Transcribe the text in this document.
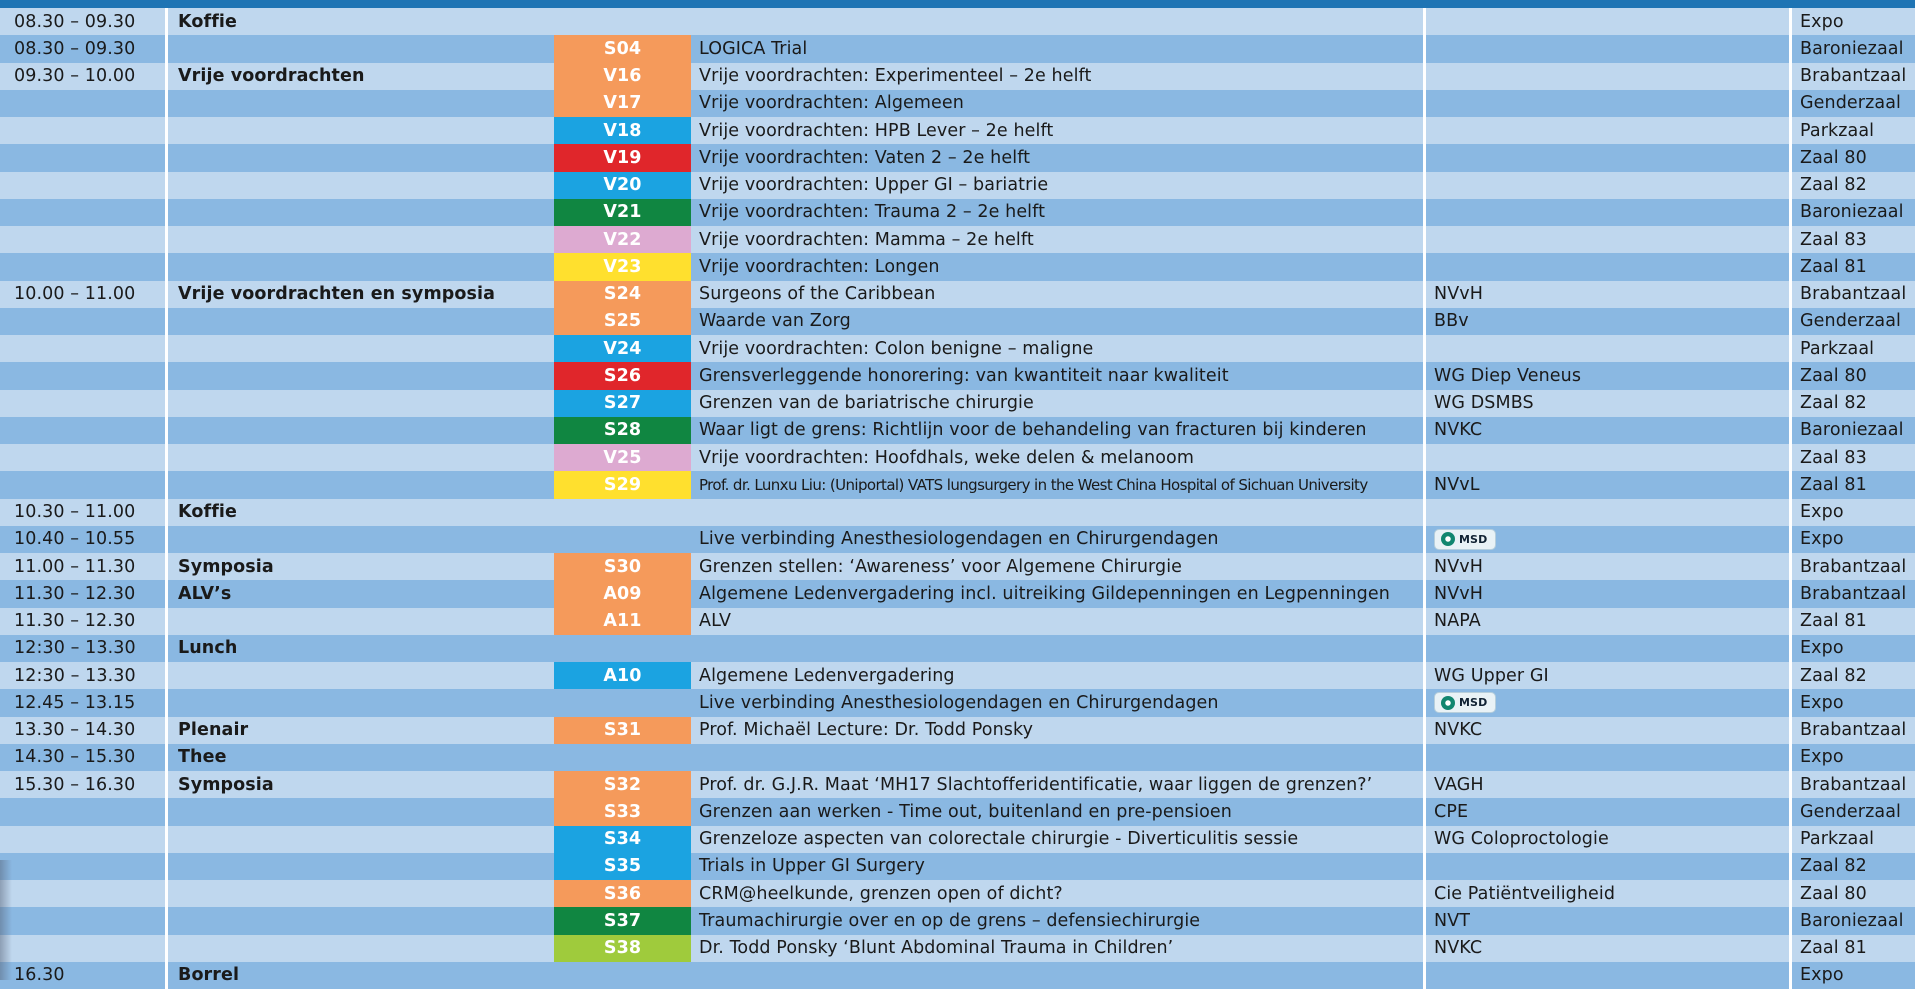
08.30 – 09.30	Koffie	Expo
08.30 – 09.30	S04	LOGICA Trial	Baroniezaal
09.30 – 10.00	Vrije voordrachten	V16	Vrije voordrachten: Experimenteel – 2e helft	Brabantzaal
V17	Vrije voordrachten: Algemeen	Genderzaal
V18	Vrije voordrachten: HPB Lever – 2e helft	Parkzaal
V19	Vrije voordrachten: Vaten 2 – 2e helft	Zaal 80
V20	Vrije voordrachten: Upper GI – bariatrie	Zaal 82
V21	Vrije voordrachten: Trauma 2 – 2e helft	Baroniezaal
V22	Vrije voordrachten: Mamma – 2e helft	Zaal 83
V23	Vrije voordrachten: Longen	Zaal 81
10.00 – 11.00	Vrije voordrachten en symposia	S24	Surgeons of the Caribbean	NVvH	Brabantzaal
S25	Waarde van Zorg	BBv	Genderzaal
V24	Vrije voordrachten: Colon benigne – maligne	Parkzaal
S26	Grensverleggende honorering: van kwantiteit naar kwaliteit	WG Diep Veneus	Zaal 80
S27	Grenzen van de bariatrische chirurgie	WG DSMBS	Zaal 82
S28	Waar ligt de grens: Richtlijn voor de behandeling van fracturen bij kinderen	NVKC	Baroniezaal
V25	Vrije voordrachten: Hoofdhals, weke delen & melanoom	Zaal 83
S29	Prof. dr. Lunxu Liu: (Uniportal) VATS lungsurgery in the West China Hospital of Sichuan University	NVvL	Zaal 81
10.30 – 11.00	Koffie	Expo
10.40 – 10.55	Live verbinding Anesthesiologendagen en Chirurgendagen	MSD	Expo
11.00 – 11.30	Symposia	S30	Grenzen stellen: ‘Awareness’ voor Algemene Chirurgie	NVvH	Brabantzaal
11.30 – 12.30	ALV’s	A09	Algemene Ledenvergadering incl. uitreiking Gildepenningen en Legpenningen	NVvH	Brabantzaal
11.30 – 12.30	A11	ALV	NAPA	Zaal 81
12:30 – 13.30	Lunch	Expo
12:30 – 13.30	A10	Algemene Ledenvergadering	WG Upper GI	Zaal 82
12.45 – 13.15	Live verbinding Anesthesiologendagen en Chirurgendagen	MSD	Expo
13.30 – 14.30	Plenair	S31	Prof. Michaël Lecture: Dr. Todd Ponsky	NVKC	Brabantzaal
14.30 – 15.30	Thee	Expo
15.30 – 16.30	Symposia	S32	Prof. dr. G.J.R. Maat ‘MH17 Slachtofferidentificatie, waar liggen de grenzen?’	VAGH	Brabantzaal
S33	Grenzen aan werken - Time out, buitenland en pre-pensioen	CPE	Genderzaal
S34	Grenzeloze aspecten van colorectale chirurgie - Diverticulitis sessie	WG Coloproctologie	Parkzaal
S35	Trials in Upper GI Surgery	Zaal 82
S36	CRM@heelkunde, grenzen open of dicht?	Cie Patiëntveiligheid	Zaal 80
S37	Traumachirurgie over en op de grens – defensiechirurgie	NVT	Baroniezaal
S38	Dr. Todd Ponsky ‘Blunt Abdominal Trauma in Children’	NVKC	Zaal 81
16.30	Borrel	Expo
